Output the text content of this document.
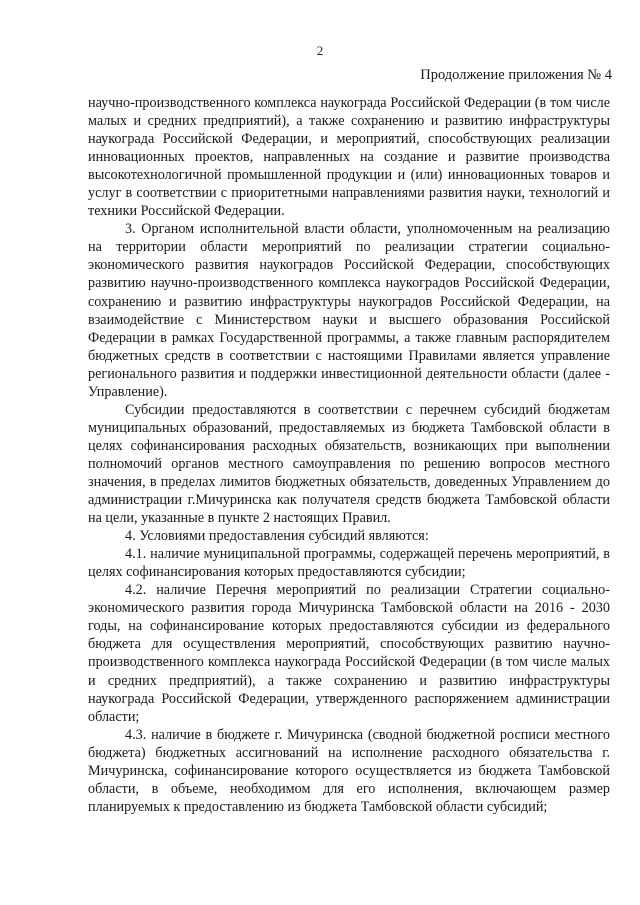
2
Продолжение приложения № 4

научно-производственного комплекса наукограда Российской Федерации (в том числе малых и средних предприятий), а также сохранению и развитию инфраструктуры наукограда Российской Федерации, и мероприятий, способствующих реализации инновационных проектов, направленных на создание и развитие производства высокотехнологичной промышленной продукции и (или) инновационных товаров и услуг в соответствии с приоритетными направлениями развития науки, технологий и техники Российской Федерации.

3. Органом исполнительной власти области, уполномоченным на реализацию на территории области мероприятий по реализации стратегии социально-экономического развития наукоградов Российской Федерации, способствующих развитию научно-производственного комплекса наукоградов Российской Федерации, сохранению и развитию инфраструктуры наукоградов Российской Федерации, на взаимодействие с Министерством науки и высшего образования Российской Федерации в рамках Государственной программы, а также главным распорядителем бюджетных средств в соответствии с настоящими Правилами является управление регионального развития и поддержки инвестиционной деятельности области (далее - Управление).

Субсидии предоставляются в соответствии с перечнем субсидий бюджетам муниципальных образований, предоставляемых из бюджета Тамбовской области в целях софинансирования расходных обязательств, возникающих при выполнении полномочий органов местного самоуправления по решению вопросов местного значения, в пределах лимитов бюджетных обязательств, доведенных Управлением до администрации г.Мичуринска как получателя средств бюджета Тамбовской области на цели, указанные в пункте 2 настоящих Правил.

4. Условиями предоставления субсидий являются:

4.1. наличие муниципальной программы, содержащей перечень мероприятий, в целях софинансирования которых предоставляются субсидии;

4.2. наличие Перечня мероприятий по реализации Стратегии социально-экономического развития города Мичуринска Тамбовской области на 2016 - 2030 годы, на софинансирование которых предоставляются субсидии из федерального бюджета для осуществления мероприятий, способствующих развитию научно-производственного комплекса наукограда Российской Федерации (в том числе малых и средних предприятий), а также сохранению и развитию инфраструктуры наукограда Российской Федерации, утвержденного распоряжением администрации области;

4.3. наличие в бюджете г. Мичуринска (сводной бюджетной росписи местного бюджета) бюджетных ассигнований на исполнение расходного обязательства г. Мичуринска, софинансирование которого осуществляется из бюджета Тамбовской области, в объеме, необходимом для его исполнения, включающем размер планируемых к предоставлению из бюджета Тамбовской области субсидий;
